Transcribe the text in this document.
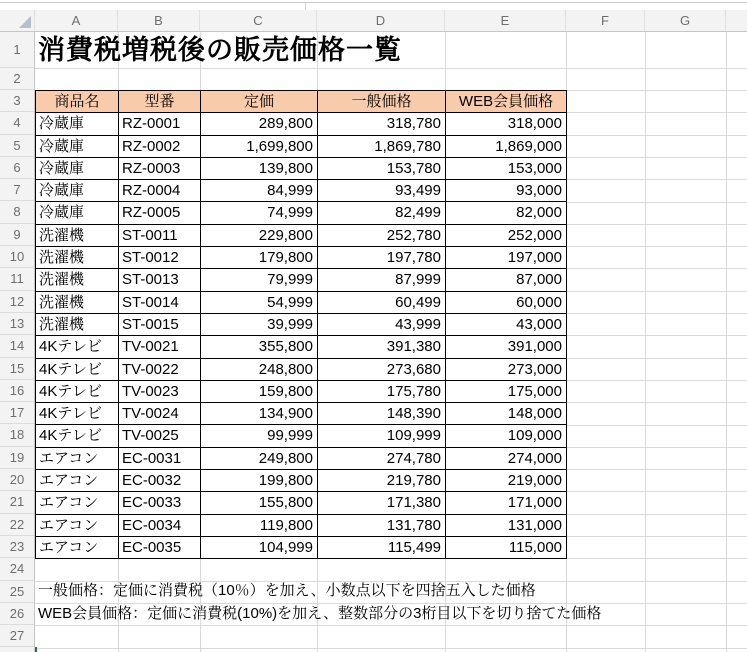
A	B	C	D	E	F	G
1
2
3
4
5
6
7
8
9
10
11
12
13
14
15
16
17
18
19
20
21
22
23
24
25
26
27
消費税増税後の販売価格一覧
商品名	型番	定価	一般価格	WEB会員価格
冷蔵庫	RZ-0001	289,800	318,780	318,000
冷蔵庫	RZ-0002	1,699,800	1,869,780	1,869,000
冷蔵庫	RZ-0003	139,800	153,780	153,000
冷蔵庫	RZ-0004	84,999	93,499	93,000
冷蔵庫	RZ-0005	74,999	82,499	82,000
洗濯機	ST-0011	229,800	252,780	252,000
洗濯機	ST-0012	179,800	197,780	197,000
洗濯機	ST-0013	79,999	87,999	87,000
洗濯機	ST-0014	54,999	60,499	60,000
洗濯機	ST-0015	39,999	43,999	43,000
4Kテレビ	TV-0021	355,800	391,380	391,000
4Kテレビ	TV-0022	248,800	273,680	273,000
4Kテレビ	TV-0023	159,800	175,780	175,000
4Kテレビ	TV-0024	134,900	148,390	148,000
4Kテレビ	TV-0025	99,999	109,999	109,000
エアコン	EC-0031	249,800	274,780	274,000
エアコン	EC-0032	199,800	219,780	219,000
エアコン	EC-0033	155,800	171,380	171,000
エアコン	EC-0034	119,800	131,780	131,000
エアコン	EC-0035	104,999	115,499	115,000
一般価格：定価に消費税（10％）を加え、小数点以下を四捨五入した価格
WEB会員価格：定価に消費税(10%)を加え、整数部分の3桁目以下を切り捨てた価格
